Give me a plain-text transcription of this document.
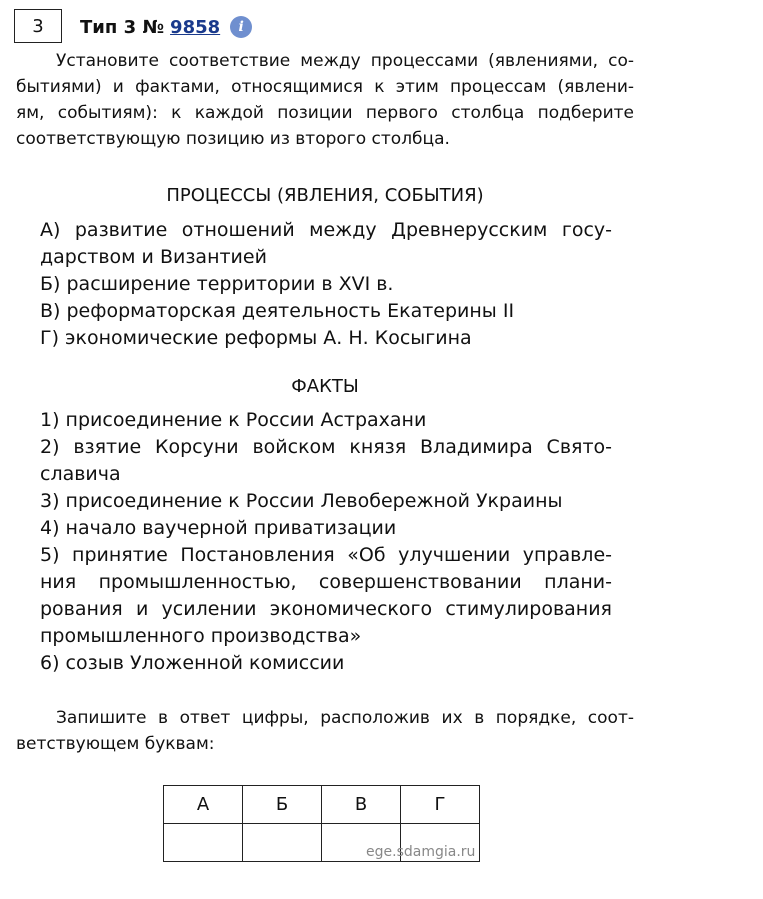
3	Тип 3 № 9858	i
Установите соответствие между процессами (явлениями, со-
бытиями) и фактами, относящимися к этим процессам (явлени-
ям, событиям): к каждой позиции первого столбца подберите
соответствующую позицию из второго столбца.
ПРОЦЕССЫ (ЯВЛЕНИЯ, СОБЫТИЯ)
А) развитие отношений между Древнерусским госу-
дарством и Византией
Б) расширение территории в XVI в.
В) реформаторская деятельность Екатерины II
Г) экономические реформы А. Н. Косыгина
ФАКТЫ
1) присоединение к России Астрахани
2) взятие Корсуни войском князя Владимира Свято-
славича
3) присоединение к России Левобережной Украины
4) начало ваучерной приватизации
5) принятие Постановления «Об улучшении управле-
ния промышленностью, совершенствовании плани-
рования и усилении экономического стимулирования
промышленного производства»
6) созыв Уложенной комиссии
Запишите в ответ цифры, расположив их в порядке, соот-
ветствующем буквам:
А	Б	В	Г

ege.sdamgia.ru
